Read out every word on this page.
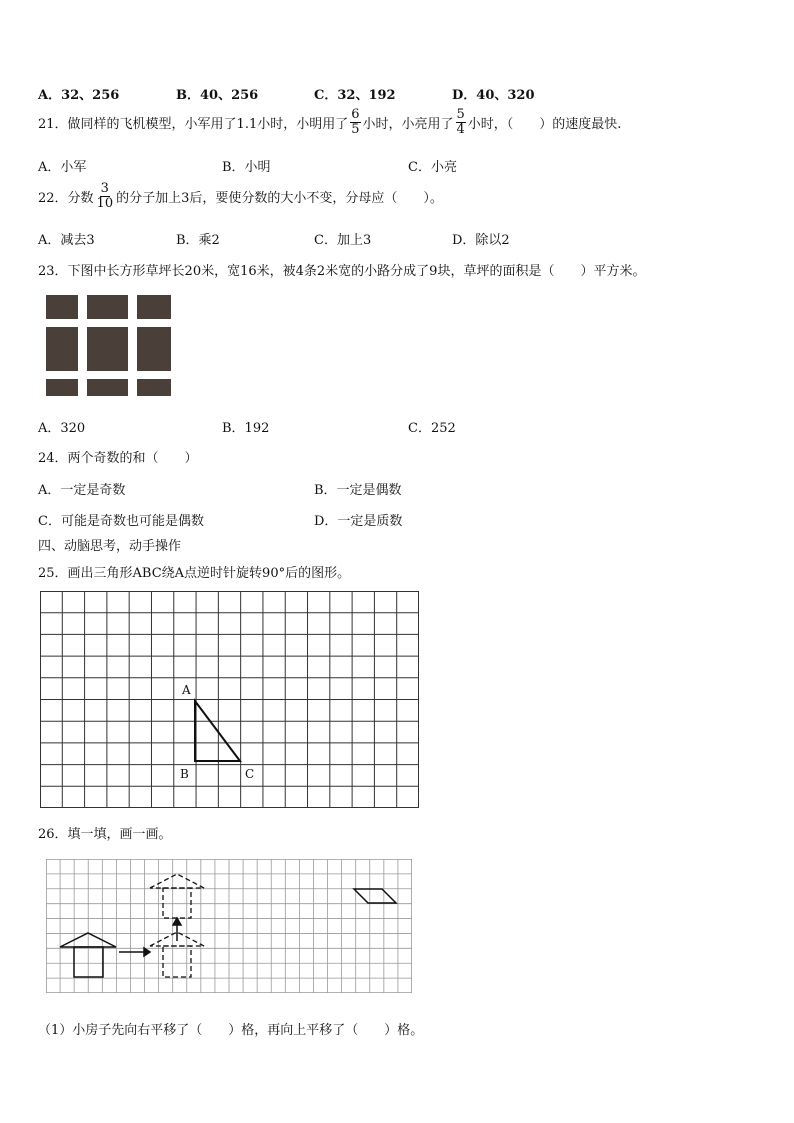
A．32、256	B．40、256	C．32、192	D．40、320
21．做同样的飞机模型，小军用了1.1小时，小明用了 $\frac{6}{5}$ 小时，小亮用了 $\frac{5}{4}$ 小时，（　　）的速度最快.
A．小军	B．小明	C．小亮
22．分数 $\frac{3}{10}$ 的分子加上3后，要使分数的大小不变，分母应（　　）。
A．减去3	B．乘2	C．加上3	D．除以2
23．下图中长方形草坪长20米，宽16米，被4条2米宽的小路分成了9块，草坪的面积是（　　）平方米。
A．320	B．192	C．252
24．两个奇数的和（　　）
A．一定是奇数	B．一定是偶数
C．可能是奇数也可能是偶数	D．一定是质数
四、动脑思考，动手操作
25．画出三角形ABC绕A点逆时针旋转90°后的图形。
A
B	C
26．填一填，画一画。
（1）小房子先向右平移了（　　）格，再向上平移了（　　）格。
